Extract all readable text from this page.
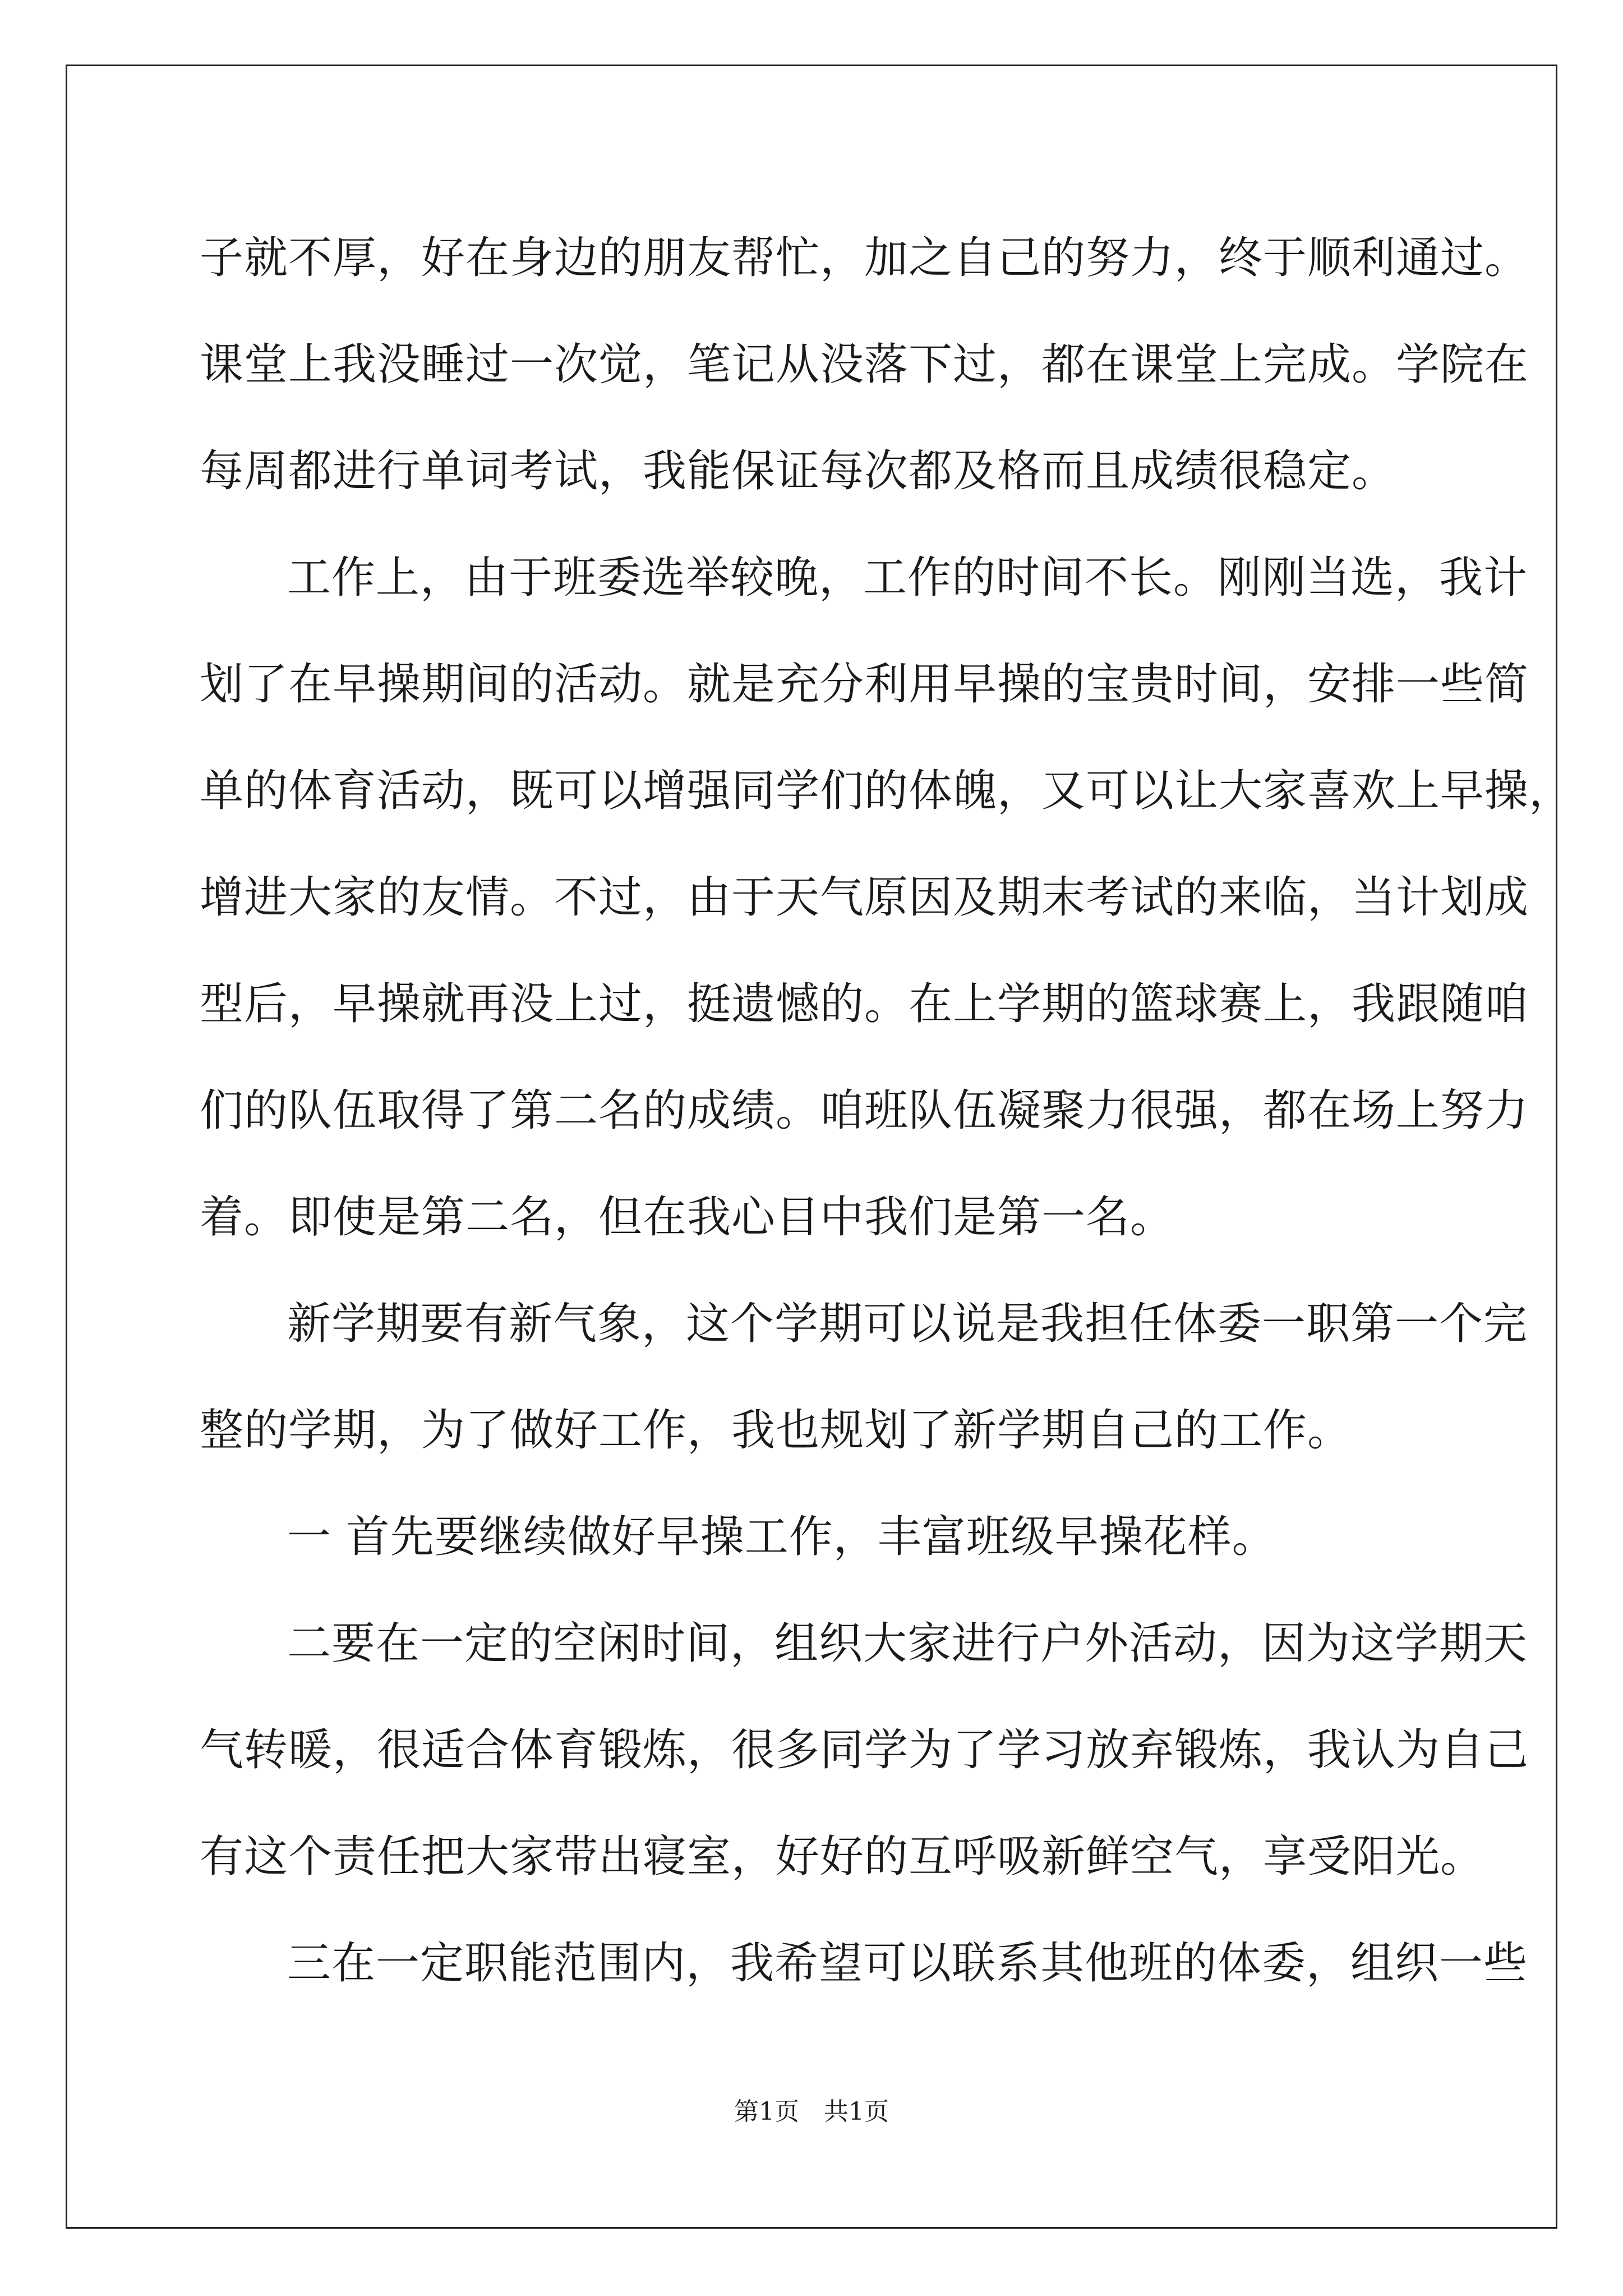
子就不厚，好在身边的朋友帮忙，加之自己的努力，终于顺利通过。
课堂上我没睡过一次觉，笔记从没落下过，都在课堂上完成。学院在
每周都进行单词考试，我能保证每次都及格而且成绩很稳定。
工作上，由于班委选举较晚，工作的时间不长。刚刚当选，我计
划了在早操期间的活动。就是充分利用早操的宝贵时间，安排一些简
单的体育活动，既可以增强同学们的体魄，又可以让大家喜欢上早操，
增进大家的友情。不过，由于天气原因及期末考试的来临，当计划成
型后，早操就再没上过，挺遗憾的。在上学期的篮球赛上，我跟随咱
们的队伍取得了第二名的成绩。咱班队伍凝聚力很强，都在场上努力
着。即使是第二名，但在我心目中我们是第一名。
新学期要有新气象，这个学期可以说是我担任体委一职第一个完
整的学期，为了做好工作，我也规划了新学期自己的工作。
一 首先要继续做好早操工作，丰富班级早操花样。
二要在一定的空闲时间，组织大家进行户外活动，因为这学期天
气转暖，很适合体育锻炼，很多同学为了学习放弃锻炼，我认为自己
有这个责任把大家带出寝室，好好的互呼吸新鲜空气，享受阳光。
三在一定职能范围内，我希望可以联系其他班的体委，组织一些
第1页　共1页
